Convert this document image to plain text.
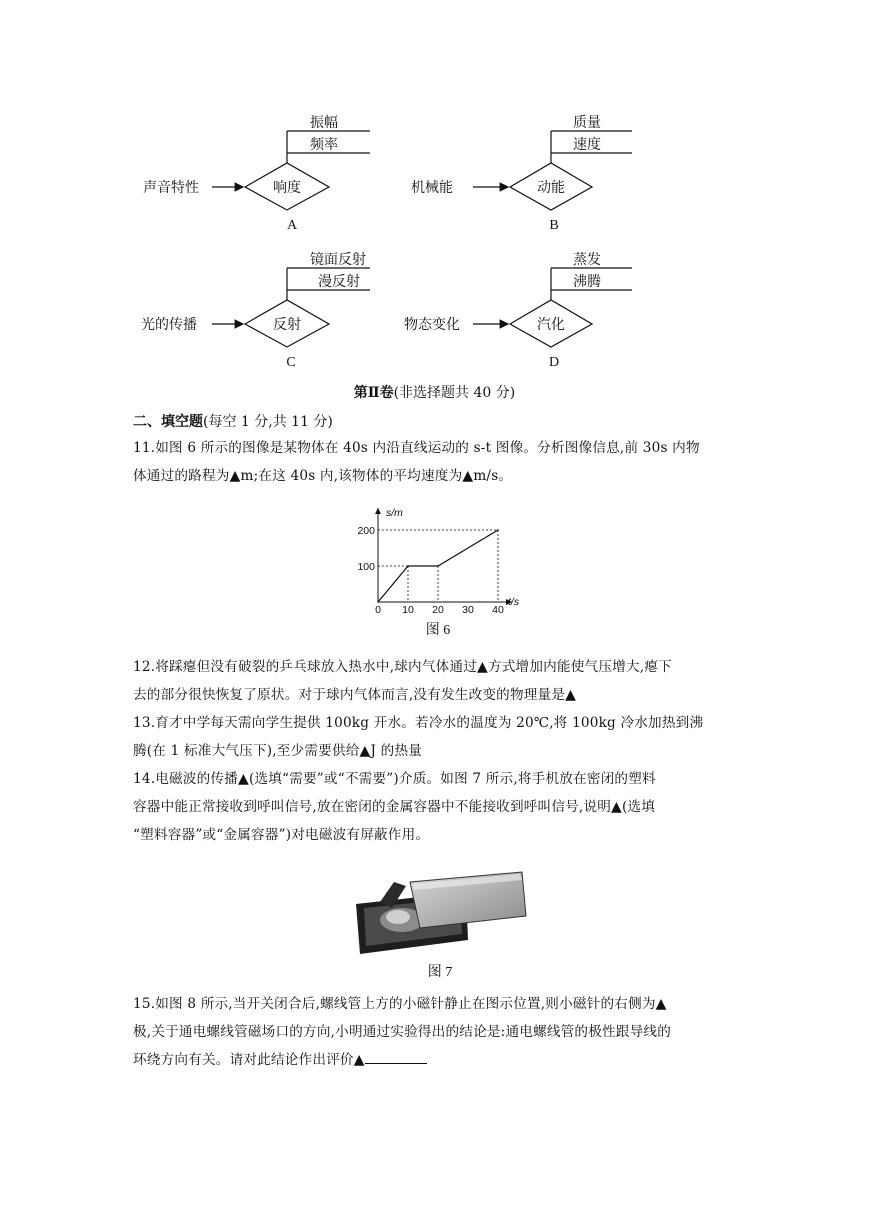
声音特性	响度
振幅
频率
A
机械能	动能
质量
速度
B
光的传播	反射
镜面反射
漫反射
C
物态变化	汽化
蒸发
沸腾
D
第Ⅱ卷(非选择题共 40 分)
二、填空题(每空 1 分,共 11 分)
11.如图 6 所示的图像是某物体在 40s 内沿直线运动的 s-t 图像。分析图像信息,前 30s 内物
体通过的路程为▲m;在这 40s 内,该物体的平均速度为▲m/s。
s/m
t/s
100
200
0 10 20 30 40
图 6
12.将踩瘪但没有破裂的乒乓球放入热水中,球内气体通过▲方式增加内能使气压增大,瘪下
去的部分很快恢复了原状。对于球内气体而言,没有发生改变的物理量是▲
13.育才中学每天需向学生提供 100kg 开水。若冷水的温度为 20℃,将 100kg 冷水加热到沸
腾(在 1 标准大气压下),至少需要供给▲J 的热量
14.电磁波的传播▲(选填“需要”或“不需要”)介质。如图 7 所示,将手机放在密闭的塑料
容器中能正常接收到呼叫信号,放在密闭的金属容器中不能接收到呼叫信号,说明▲(选填
“塑料容器”或“金属容器”)对电磁波有屏蔽作用。
图 7
15.如图 8 所示,当开关闭合后,螺线管上方的小磁针静止在图示位置,则小磁针的右侧为▲
极,关于通电螺线管磁场口的方向,小明通过实验得出的结论是:通电螺线管的极性跟导线的
环绕方向有关。请对此结论作出评价▲
